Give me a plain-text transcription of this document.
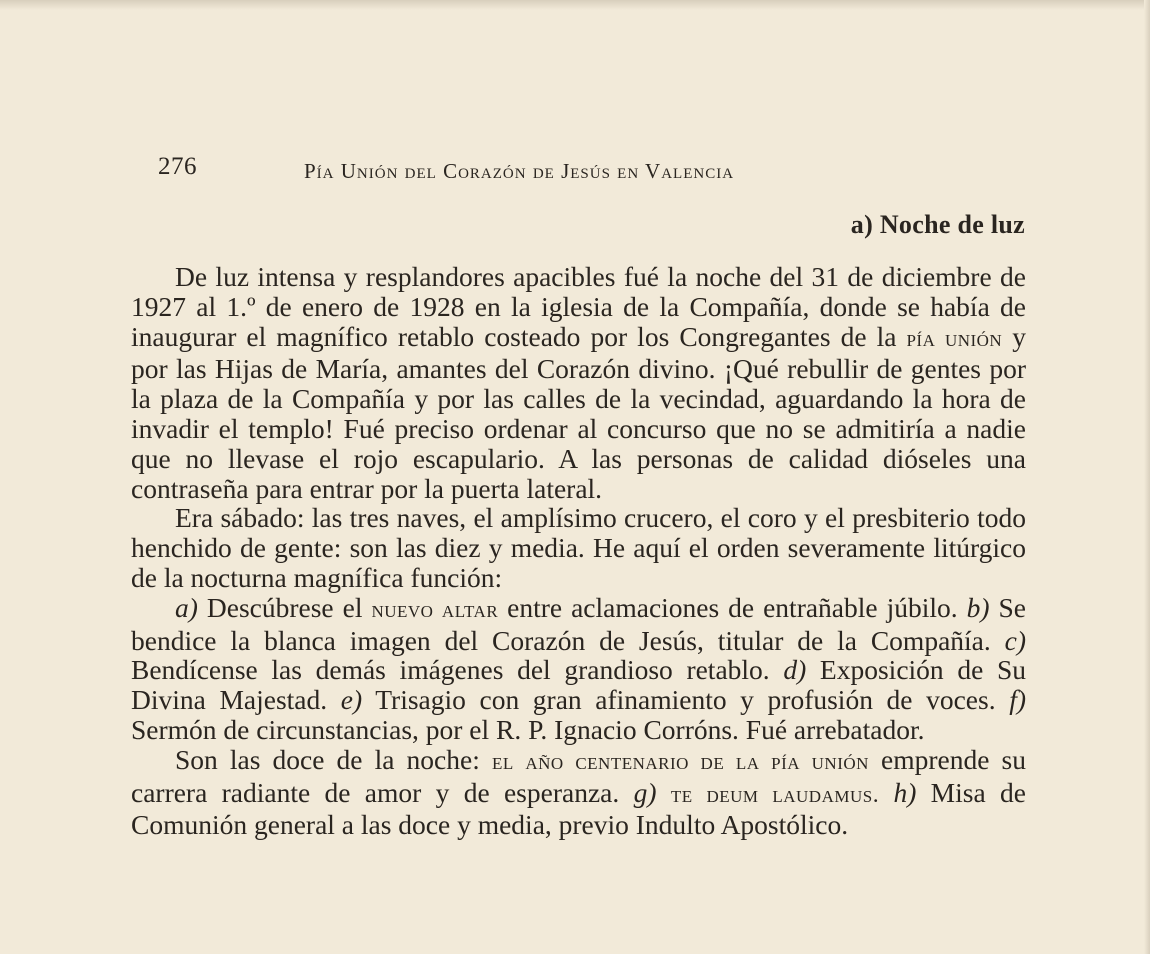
276	Pía Unión del Corazón de Jesús en Valencia
a) Noche de luz

De luz intensa y resplandores apacibles fué la noche del 31 de diciembre de 1927 al 1.º de enero de 1928 en la iglesia de la Compañía, donde se había de inaugurar el magnífico retablo costeado por los Congregantes de la pía unión y por las Hijas de María, amantes del Corazón divino. ¡Qué rebullir de gentes por la plaza de la Compañía y por las calles de la vecindad, aguardando la hora de invadir el templo! Fué preciso ordenar al concurso que no se admitiría a nadie que no llevase el rojo escapulario. A las personas de calidad dióseles una contraseña para entrar por la puerta lateral.

Era sábado: las tres naves, el amplísimo crucero, el coro y el presbiterio todo henchido de gente: son las diez y media. He aquí el orden severamente litúrgico de la nocturna magnífica función:

a) Descúbrese el nuevo altar entre aclamaciones de entrañable júbilo. b) Se bendice la blanca imagen del Corazón de Jesús, titular de la Compañía. c) Bendícense las demás imágenes del grandioso retablo. d) Exposición de Su Divina Majestad. e) Trisagio con gran afinamiento y profusión de voces. f) Sermón de circunstancias, por el R. P. Ignacio Corróns. Fué arrebatador.

Son las doce de la noche: el año centenario de la pía unión emprende su carrera radiante de amor y de esperanza. g) te deum laudamus. h) Misa de Comunión general a las doce y media, previo Indulto Apostólico.
